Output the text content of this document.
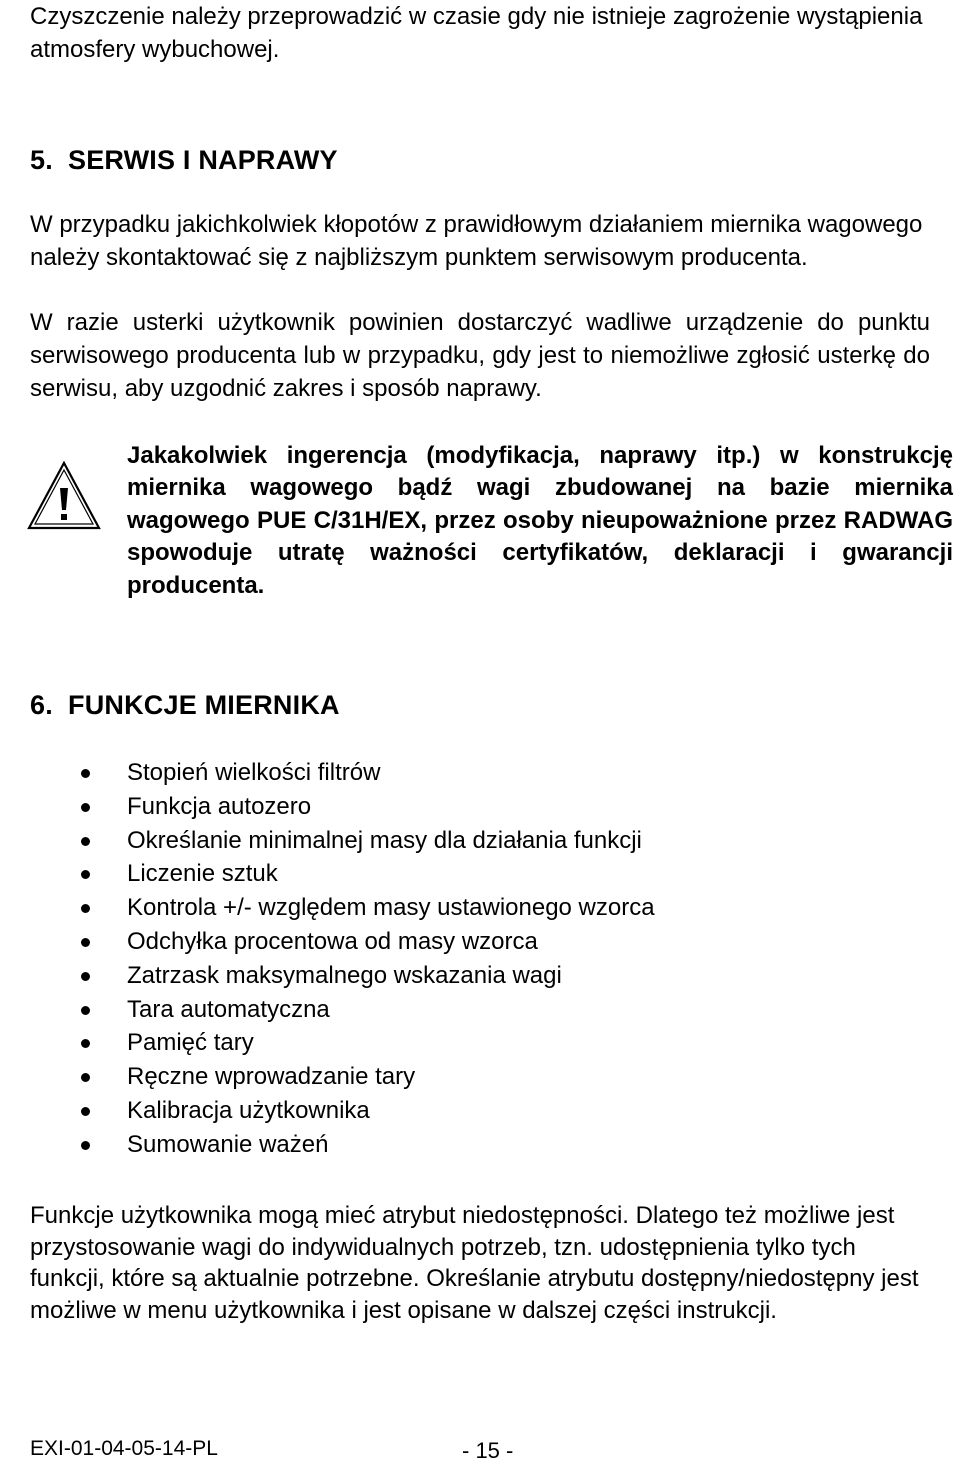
Czyszczenie należy przeprowadzić w czasie gdy nie istnieje zagrożenie wystąpienia atmosfery wybuchowej.

5. SERWIS I NAPRAWY

W przypadku jakichkolwiek kłopotów z prawidłowym działaniem miernika wagowego należy skontaktować się z najbliższym punktem serwisowym producenta.

W razie usterki użytkownik powinien dostarczyć wadliwe urządzenie do punktu serwisowego producenta lub w przypadku, gdy jest to niemożliwe zgłosić usterkę do serwisu, aby uzgodnić zakres i sposób naprawy.

Jakakolwiek ingerencja (modyfikacja, naprawy itp.) w konstrukcję miernika wagowego bądź wagi zbudowanej na bazie miernika wagowego PUE C/31H/EX, przez osoby nieupoważnione przez RADWAG spowoduje utratę ważności certyfikatów, deklaracji i gwarancji producenta.

6. FUNKCJE MIERNIKA
Stopień wielkości filtrów
Funkcja autozero
Określanie minimalnej masy dla działania funkcji
Liczenie sztuk
Kontrola +/- względem masy ustawionego wzorca
Odchyłka procentowa od masy wzorca
Zatrzask maksymalnego wskazania wagi
Tara automatyczna
Pamięć tary
Ręczne wprowadzanie tary
Kalibracja użytkownika
Sumowanie ważeń

Funkcje użytkownika mogą mieć atrybut niedostępności. Dlatego też możliwe jest przystosowanie wagi do indywidualnych potrzeb, tzn. udostępnienia tylko tych funkcji, które są aktualnie potrzebne. Określanie atrybutu dostępny/niedostępny jest możliwe w menu użytkownika i jest opisane w dalszej części instrukcji.

EXI-01-04-05-14-PL	- 15 -
